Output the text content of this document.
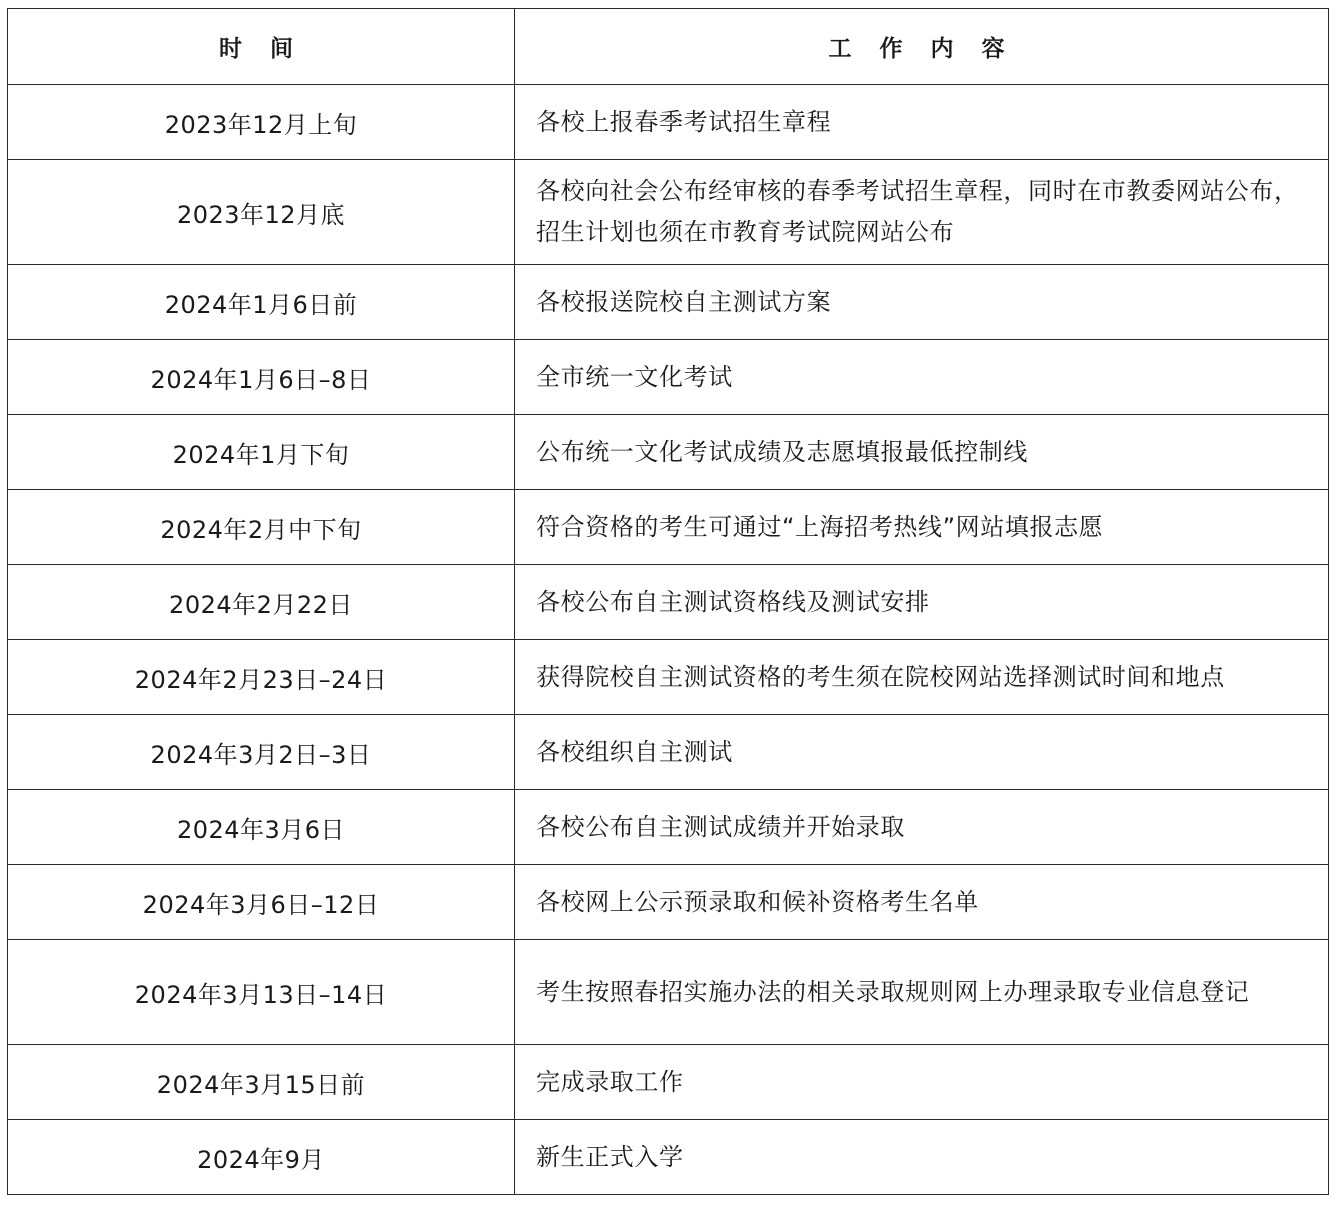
时 间	工 作 内 容
2023年12月上旬	各校上报春季考试招生章程
2023年12月底	各校向社会公布经审核的春季考试招生章程，同时在市教委网站公布，招生计划也须在市教育考试院网站公布
2024年1月6日前	各校报送院校自主测试方案
2024年1月6日–8日	全市统一文化考试
2024年1月下旬	公布统一文化考试成绩及志愿填报最低控制线
2024年2月中下旬	符合资格的考生可通过“上海招考热线”网站填报志愿
2024年2月22日	各校公布自主测试资格线及测试安排
2024年2月23日–24日	获得院校自主测试资格的考生须在院校网站选择测试时间和地点
2024年3月2日–3日	各校组织自主测试
2024年3月6日	各校公布自主测试成绩并开始录取
2024年3月6日–12日	各校网上公示预录取和候补资格考生名单
2024年3月13日–14日	考生按照春招实施办法的相关录取规则网上办理录取专业信息登记
2024年3月15日前	完成录取工作
2024年9月	新生正式入学
